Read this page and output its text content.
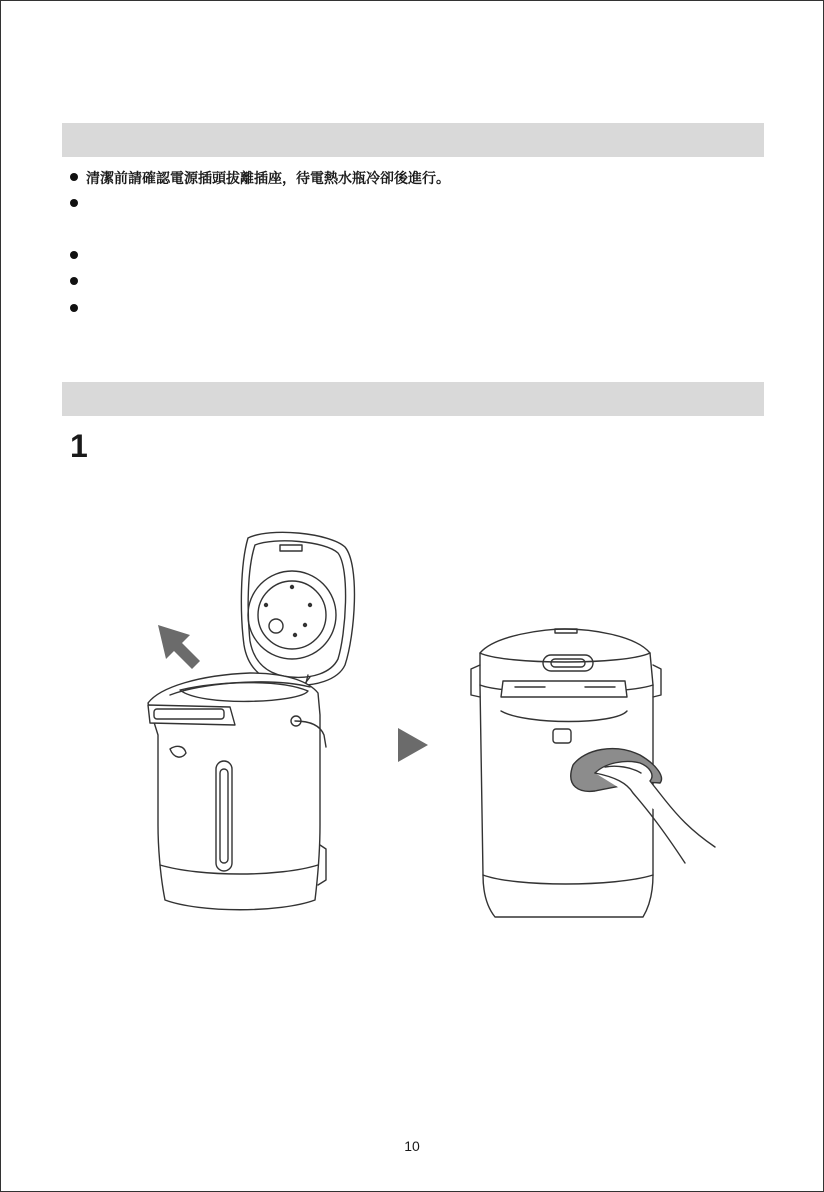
清潔前請確認電源插頭拔離插座，待電熱水瓶冷卻後進行。
1
10
